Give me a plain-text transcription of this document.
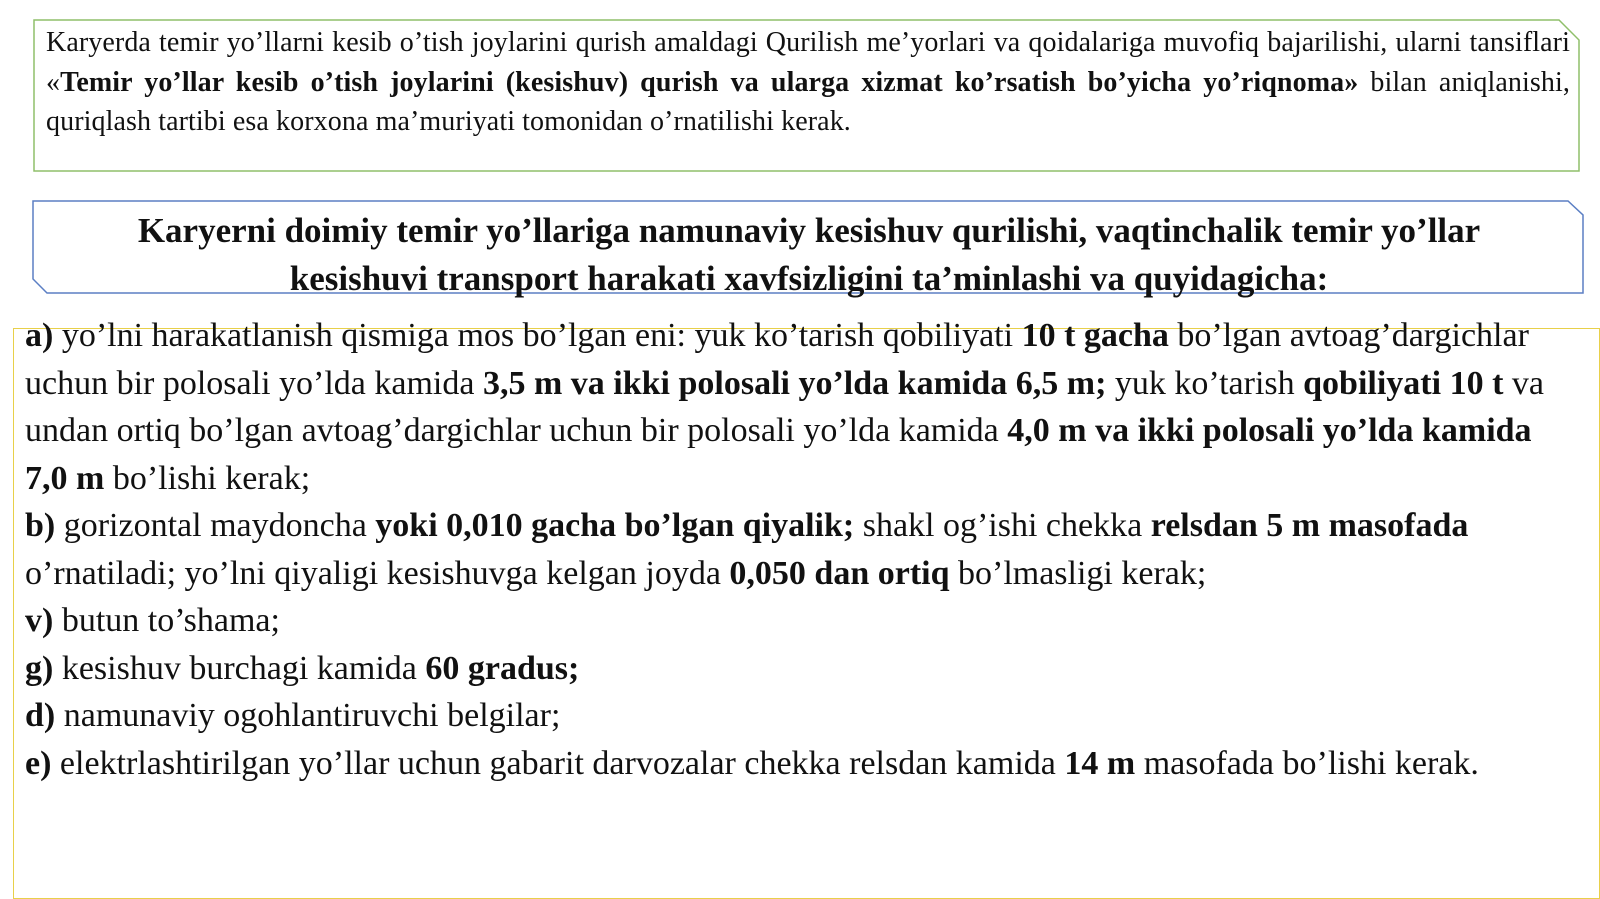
Karyerda temir yo’llarni kesib o’tish joylarini qurish amaldagi Qurilish me’yorlari va qoidalariga muvofiq bajarilishi, ularni tansiflari «Temir yo’llar kesib o’tish joylarini (kesishuv) qurish va ularga xizmat ko’rsatish bo’yicha yo’riqnoma» bilan aniqlanishi, quriqlash tartibi esa korxona ma’muriyati tomonidan o’rnatilishi kerak.

Karyerni doimiy temir yo’llariga namunaviy kesishuv qurilishi, vaqtinchalik temir yo’llar kesishuvi transport harakati xavfsizligini ta’minlashi va quyidagicha:

a) yo’lni harakatlanish qismiga mos bo’lgan eni: yuk ko’tarish qobiliyati 10 t gacha bo’lgan avtoag’dargichlar uchun bir polosali yo’lda kamida 3,5 m va ikki polosali yo’lda kamida 6,5 m; yuk ko’tarish qobiliyati 10 t va undan ortiq bo’lgan avtoag’dargichlar uchun bir polosali yo’lda kamida 4,0 m va ikki polosali yo’lda kamida 7,0 m bo’lishi kerak;
b) gorizontal maydoncha yoki 0,010 gacha bo’lgan qiyalik; shakl og’ishi chekka relsdan 5 m masofada o’rnatiladi; yo’lni qiyaligi kesishuvga kelgan joyda 0,050 dan ortiq bo’lmasligi kerak;
v) butun to’shama;
g) kesishuv burchagi kamida 60 gradus;
d) namunaviy ogohlantiruvchi belgilar;
e) elektrlashtirilgan yo’llar uchun gabarit darvozalar chekka relsdan kamida 14 m masofada bo’lishi kerak.
